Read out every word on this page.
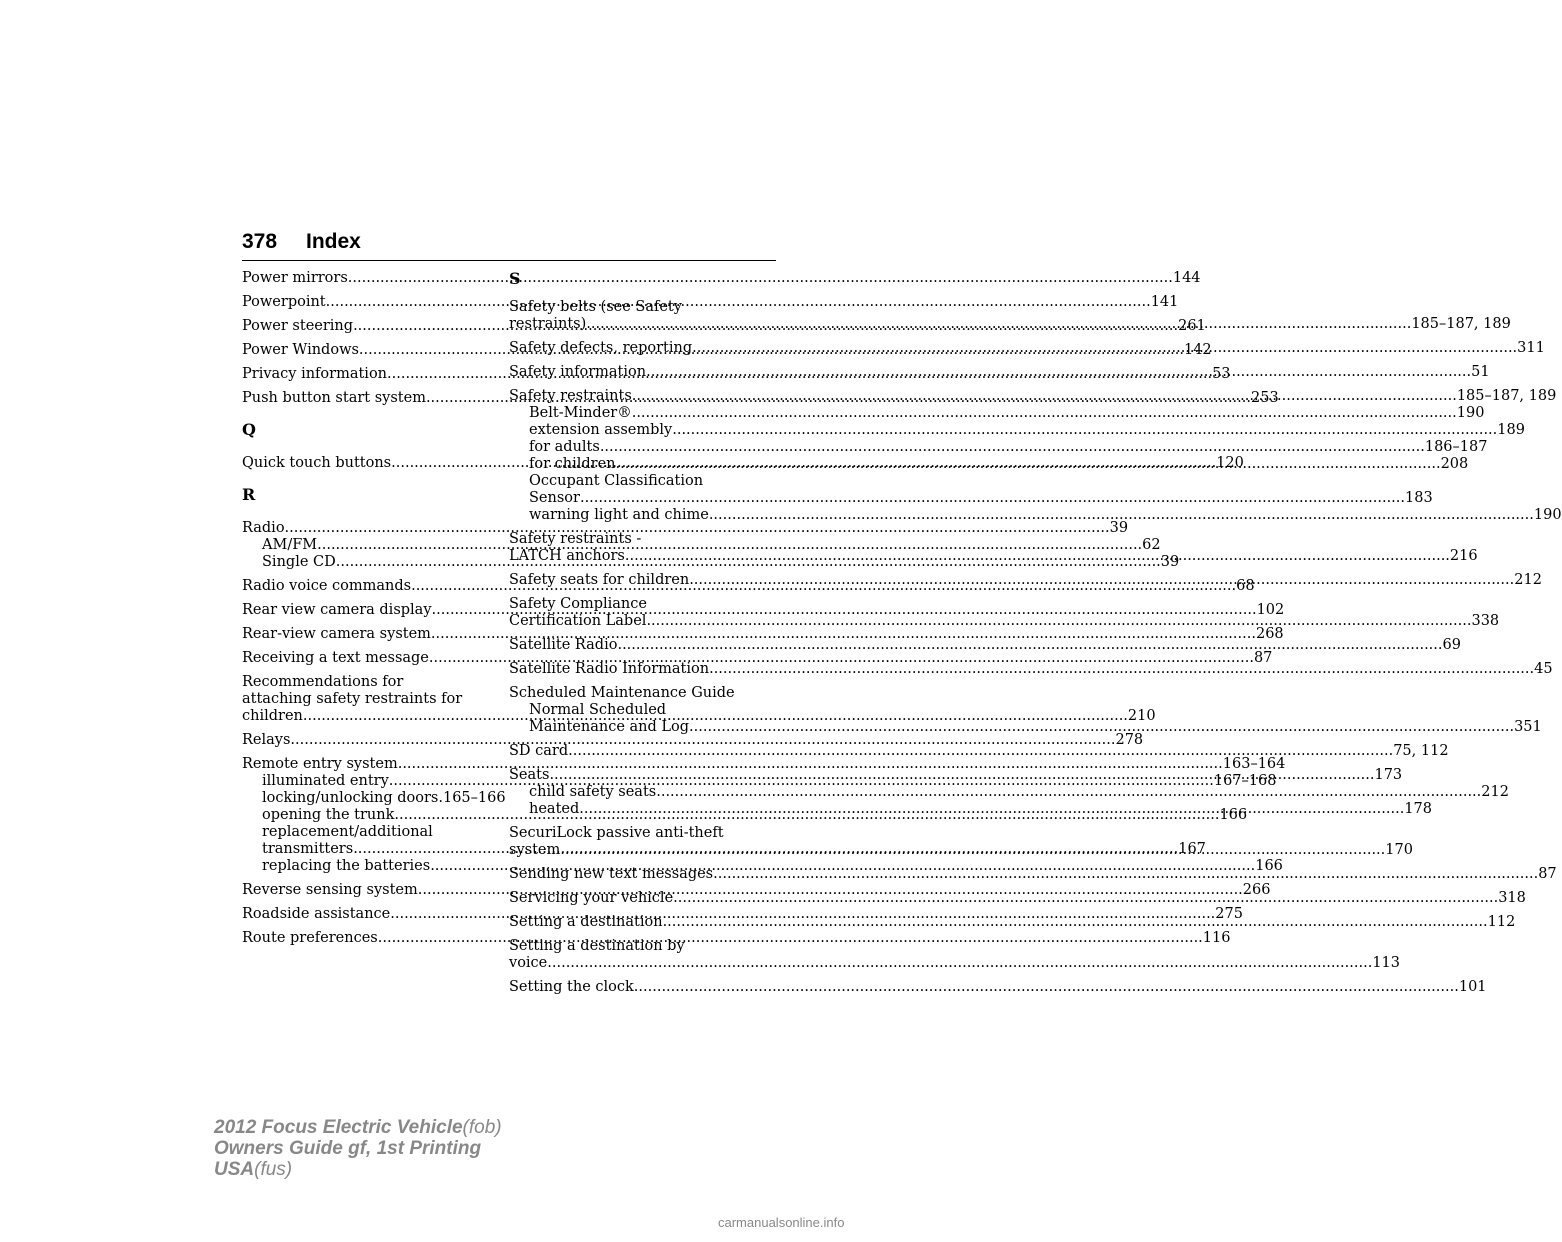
378 Index
Power mirrors .....	144
Powerpoint .....	141
Power steering .....	261
Power Windows .....	142
Privacy information .....	53
Push button start system .....	253
Q
Quick touch buttons .....	120
R
Radio .....	39
AM/FM .....	62
Single CD .....	39
Radio voice commands .....	68
Rear view camera display .....	102
Rear-view camera system .....	268
Receiving a text message .....	87
Recommendations for
attaching safety restraints for
children .....	210
Relays .....	278
Remote entry system .....	163–164
illuminated entry .....	167–168
locking/unlocking doors .165–166
opening the trunk .....	166
replacement/additional
transmitters .....	167
replacing the batteries .....	166
Reverse sensing system .....	266
Roadside assistance .....	275
Route preferences .....	116
S
Safety belts (see Safety
restraints) .....	185–187, 189
Safety defects, reporting .....	311
Safety information .....	51
Safety restraints .....	185–187, 189
Belt-Minder® .....	190
extension assembly .....	189
for adults .....	186–187
for children .....	208
Occupant Classification
Sensor .....	183
warning light and chime .....	190
Safety restraints -
LATCH anchors .....	216
Safety seats for children .....	212
Safety Compliance
Certification Label .....	338
Satellite Radio .....	69
Satellite Radio Information .....	45
Scheduled Maintenance Guide
Normal Scheduled
Maintenance and Log .....	351
SD card .....	75, 112
Seats .....	173
child safety seats .....	212
heated .....	178
SecuriLock passive anti-theft
system .....	170
Sending new text messages .....	87
Servicing your vehicle .....	318
Setting a destination .....	112
Setting a destination by
voice .....	113
Setting the clock .....	101
2012 Focus Electric Vehicle(fob)
Owners Guide gf, 1st Printing
USA(fus)
carmanualsonline.info
